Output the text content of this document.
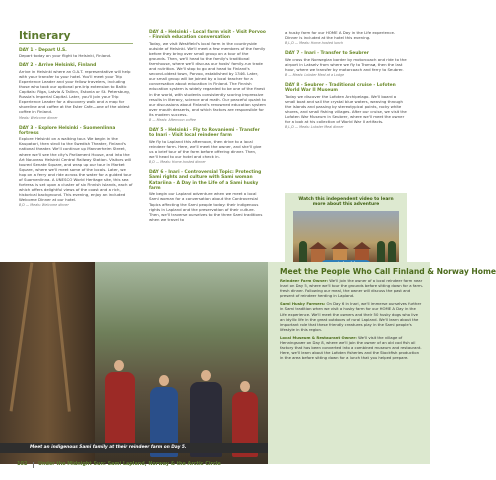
Itinerary
DAY 1 - Depart U.S.
Depart today on your flight to Helsinki, Finland.
DAY 2 - Arrive Helsinki, Finland
Arrive in Helsinki where an O.A.T. representative will help with your transfer to your hotel. You'll meet your Trip Experience Leader and your fellow travelers, including those who took our optional pre-trip extension to Baltic Capitals: Riga, Latvia & Tallinn, Estonia or St. Petersburg, Russia's Imperial Capital. Later, you'll join your Trip Experience Leader for a discovery walk and a map for shoreline and coffee at the Ester Cafe—one of the oldest coffee in Finland.
Meals: Welcome dinner
DAY 3 - Explore Helsinki - Suomenlinna fortress
Explore Helsinki on a walking tour. We begin in the Kaupatori, then stroll to the Swedish Theater, Finland's national theater. We'll continue up Mannerheim Street, where we'll see the city's Parliament House, and into the Art Nouveau Helsinki Central Railway Station. Visitors will toured Senate Square, and wrap up our tour in Market Square, where we'll meet some of the locals. Later, we hop on a ferry and ride across the water for a guided tour of Suomenlinna. A UNESCO World Heritage site, this sea fortress is set upon a cluster of six Finnish islands, each of which offers delightful views of the coast and a rich, historical background. This evening, enjoy an included Welcome Dinner at our hotel.
B,D — Meals: Welcome dinner
DAY 4 - Helsinki - Local farm visit - Visit Porvoo - Finnish education conversation
Today, we visit Westfield's local farm in the countryside outside of Helsinki. We'll meet a few members of the family before they bring over small group on a tour of the grounds. Then, we'll head to the family's traditional farmhouse, where we'll discuss our hosts' family-run trade and nutrition. We'll stop to go and head to Finland's second-oldest town, Porvoo, established by 1346. Later, our small group will be joined by a local teacher for a conversation about education in Finland. The Finnish education system is widely regarded to be one of the finest in the world, with students consistently scoring impressive results in literacy, science and math. Our peaceful quaint to our discussions about Finland's renowned education system over mouth desserts, and which factors are responsible for its modern success.
B — Meals: Afternoon coffee
DAY 5 - Helsinki - Fly to Rovaniemi - Transfer to Inari - Visit local reindeer farm
We fly to Lapland this afternoon, then drive to a local reindeer farm. Here, we'll meet the owner, and she'll give us a brief tour of the farm before offering dinner. Then, we'll head to our hotel and check in.
B,D — Meals: Home-hosted dinner
DAY 6 - Inari - Controversial Topic: Protecting Sami rights and culture with Sami woman Katariina - A Day in the Life of a Sami husky farm
We begin our Lapland adventure when we meet a local Sami woman for a conversation about the Controversial Topics affecting the Sami people today: their indigenous rights in Lapland and the preservation of their culture. Then, we'll traverse ourselves to the three Sami traditions when we travel to
a husky farm for our HOME A Day in the Life experience. Dinner is included at the hotel this evening.
B,L,D — Meals: Home-hosted lunch
DAY 7 - Inari - Transfer to Seubrer
We cross the Norwegian border by motorcoach and ride to the airport in Lakselv from where we fly to Tromsø, then the last hour, where we transfer by motorcoach and ferry to Seubrer.
B — Meals: Lobster Meal at a Lodge
DAY 8 - Seubrer - Traditional cruise - Lofoten World War II Museum
Today we discover the Lofoten Archipelago. We'll board a small boat and sail the crystal blue waters, weaving through the islands and passing by stereotypical points, rocky white shores, and small fishing villages. After our cruise, we visit the Lofoten War Museum in Seubrer, where we'll meet the owner for a look at his collection of World War II artifacts.
B,L,D — Meals: Lobster Meal dinner
Watch this independent video to learn more about this adventure
Meet an indigenous Sami family at their reindeer farm on Day 5.
Meet the People Who Call Finland & Norway Home

Reindeer Farm Owner: We'll join the owner of a local reindeer farm near Inari on Day 5, where we'll tour the grounds before sitting down for a farm-fresh dinner. Following our meal, the owner will discuss the past and present of reindeer herding in Lapland.

Sami Husky Farmers: On Day 6 in Inari, we'll immerse ourselves further in Sami tradition when we visit a husky farm for our HOME A Day in the Life experience. We'll meet the owners and their 50 husky dogs who live an idyllic life in the great outdoors of rural Lapland. We'll learn about the important role that these friendly creatures play in the Sami people's lifestyle in this region.

Local Museum & Restaurant Owner: We'll visit the village of Henningsvær on Day 8, where we'll join the owner of an old cod fish oil factory that has been converted into a combined museum and restaurant. Here, we'll learn about the Lofoten fisheries and the Stockfish production in the area before sitting down for a lunch that you helped prepare.

102 Under the Midnight Sun: Sami Lapland, Norway & the Arctic Circle
